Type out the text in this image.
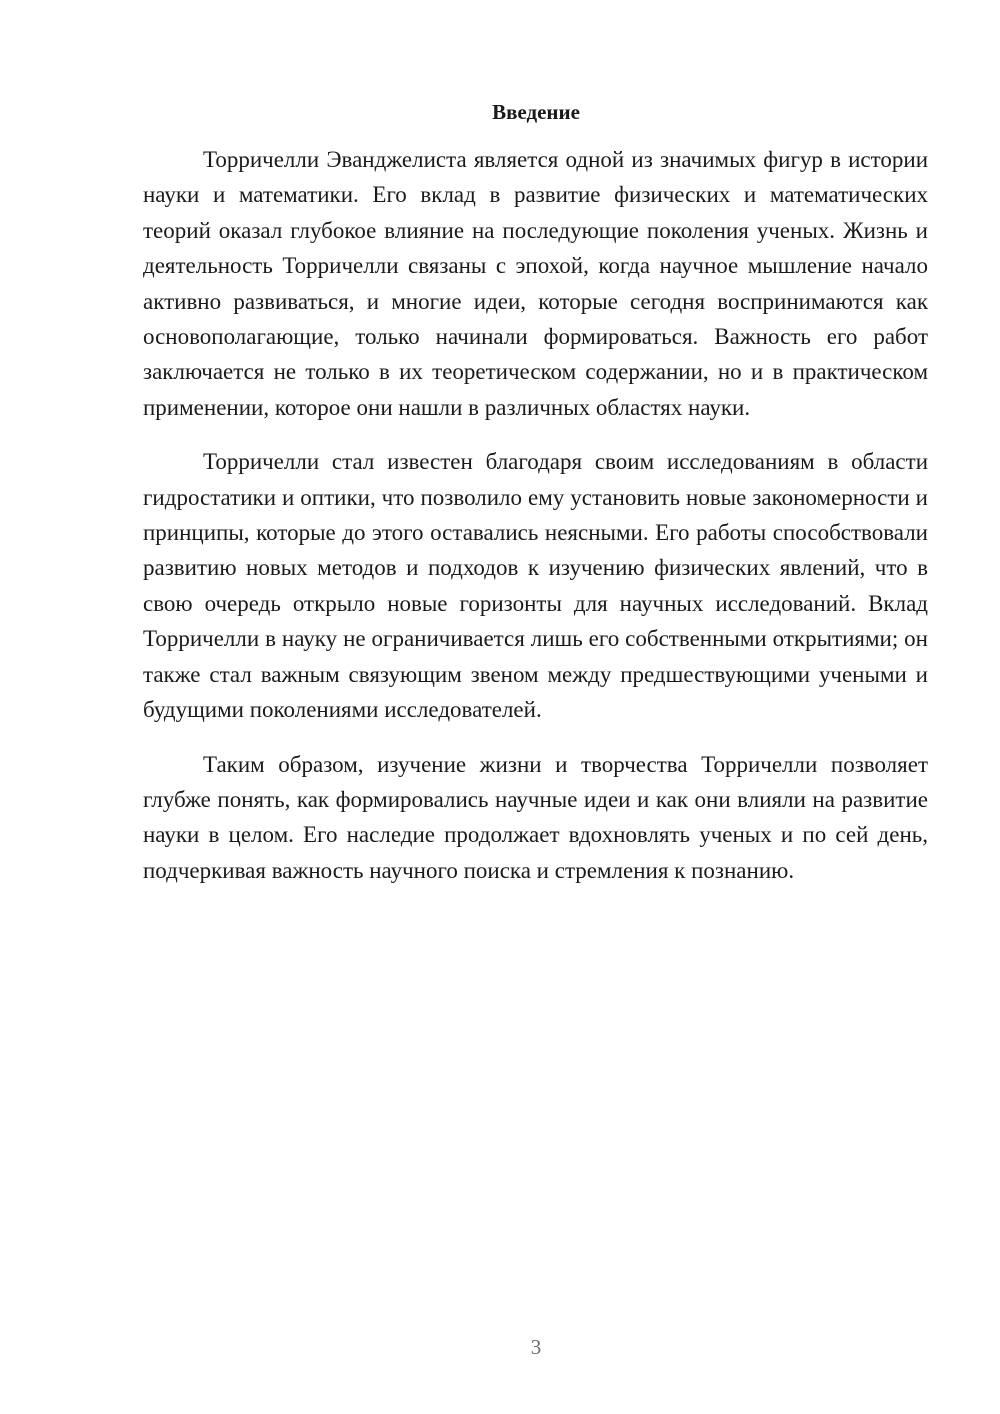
Введение

Торричелли Эванджелиста является одной из значимых фигур в истории науки и математики. Его вклад в развитие физических и математических теорий оказал глубокое влияние на последующие поколения ученых. Жизнь и деятельность Торричелли связаны с эпохой, когда научное мышление начало активно развиваться, и многие идеи, которые сегодня воспринимаются как основополагающие, только начинали формироваться. Важность его работ заключается не только в их теоретическом содержании, но и в практическом применении, которое они нашли в различных областях науки.

Торричелли стал известен благодаря своим исследованиям в области гидростатики и оптики, что позволило ему установить новые закономерности и принципы, которые до этого оставались неясными. Его работы способствовали развитию новых методов и подходов к изучению физических явлений, что в свою очередь открыло новые горизонты для научных исследований. Вклад Торричелли в науку не ограничивается лишь его собственными открытиями; он также стал важным связующим звеном между предшествующими учеными и будущими поколениями исследователей.

Таким образом, изучение жизни и творчества Торричелли позволяет глубже понять, как формировались научные идеи и как они влияли на развитие науки в целом. Его наследие продолжает вдохновлять ученых и по сей день, подчеркивая важность научного поиска и стремления к познанию.

3
